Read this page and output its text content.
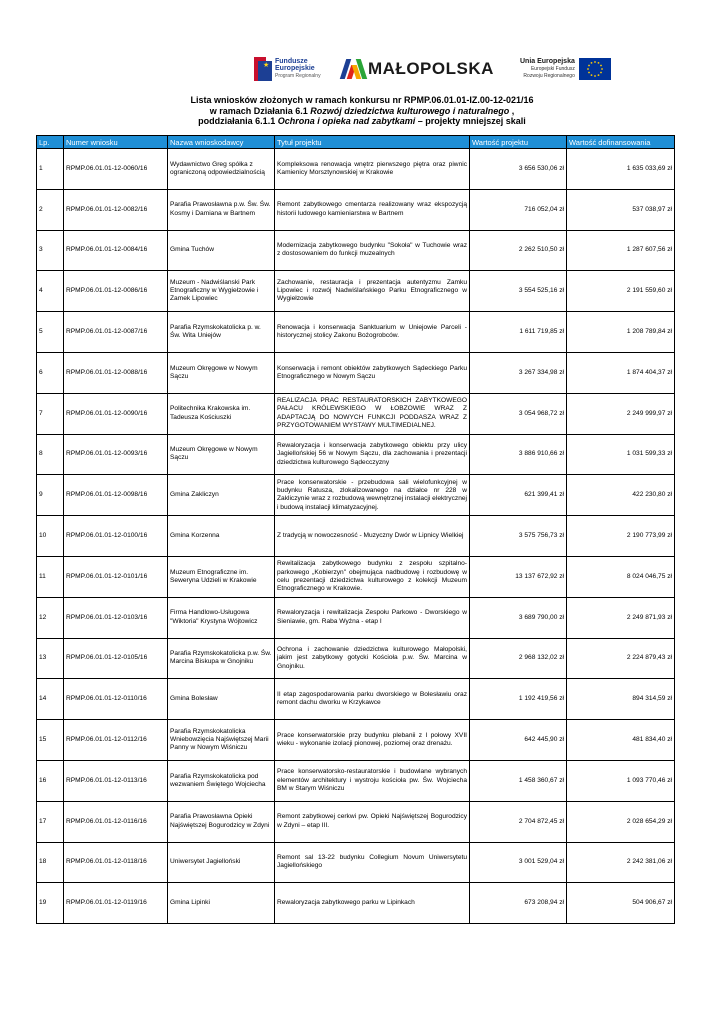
★
Fundusze
Europejskie
Program Regionalny	MAŁOPOLSKA	Unia Europejska
Europejski Fundusz
Rozwoju Regionalnego
Lista wniosków złożonych w ramach konkursu nr RPMP.06.01.01-IZ.00-12-021/16
w ramach Działania 6.1 Rozwój dziedzictwa kulturowego i naturalnego ,
poddziałania 6.1.1 Ochrona i opieka nad zabytkami – projekty mniejszej skali
Lp.	Numer wniosku	Nazwa wnioskodawcy	Tytuł projektu	Wartość projektu	Wartość dofinansowania
1	RPMP.06.01.01-12-0060/16	Wydawnictwo Greg spółka z ograniczoną odpowiedzialnością	Kompleksowa renowacja wnętrz pierwszego piętra oraz piwnic Kamienicy Morsztynowskiej w Krakowie	3 656 530,06 zł	1 635 033,69 zł
2	RPMP.06.01.01-12-0082/16	Parafia Prawosławna p.w. Św. Św. Kosmy i Damiana w Bartnem	Remont zabytkowego cmentarza realizowany wraz ekspozycją historii ludowego kamieniarstwa w Bartnem	716 052,04 zł	537 038,97 zł
3	RPMP.06.01.01-12-0084/16	Gmina Tuchów	Modernizacja zabytkowego budynku "Sokoła" w Tuchowie wraz z dostosowaniem do funkcji muzealnych	2 262 510,50 zł	1 287 607,56 zł
4	RPMP.06.01.01-12-0086/16	Muzeum - Nadwiślanski Park Etnograficzny w Wygiełzowie i Zamek Lipowiec	Zachowanie, restauracja i prezentacja autentyzmu Zamku Lipowiec i rozwój Nadwiślańskiego Parku Etnograficznego w Wygiełzowie	3 554 525,16 zł	2 191 559,60 zł
5	RPMP.06.01.01-12-0087/16	Parafia Rzymskokatolicka p. w. Św. Wita Uniejów	Renowacja i konserwacja Sanktuarium w Uniejowie Parceli - historycznej stolicy Zakonu Bożogrobców.	1 611 719,85 zł	1 208 789,84 zł
6	RPMP.06.01.01-12-0088/16	Muzeum Okręgowe w Nowym Sączu	Konserwacja i remont obiektów zabytkowych Sądeckiego Parku Etnograficznego w Nowym Sączu	3 267 334,98 zł	1 874 404,37 zł
7	RPMP.06.01.01-12-0090/16	Politechnika Krakowska im. Tadeusza Kościuszki	REALIZACJA PRAC RESTAURATORSKICH ZABYTKOWEGO PAŁACU KRÓLEWSKIEGO W ŁOBZOWIE WRAZ Z ADAPTACJĄ DO NOWYCH FUNKCJI PODDASZA WRAZ Z PRZYGOTOWANIEM WYSTAWY MULTIMEDIALNEJ.	3 054 968,72 zł	2 249 999,97 zł
8	RPMP.06.01.01-12-0093/16	Muzeum Okręgowe w Nowym Sączu	Rewaloryzacja i konserwacja zabytkowego obiektu przy ulicy Jagiellońskiej 56 w Nowym Sączu, dla zachowania i prezentacji dziedzictwa kulturowego Sądecczyzny	3 886 910,66 zł	1 031 599,33 zł
9	RPMP.06.01.01-12-0098/16	Gmina Zakliczyn	Prace konserwatorskie - przebudowa sali wielofunkcyjnej w budynku Ratusza, zlokalizowanego na działce nr 228 w Zakliczynie wraz z rozbudową wewnętrznej instalacji elektrycznej i budową instalacji klimatyzacyjnej.	621 399,41 zł	422 230,80 zł
10	RPMP.06.01.01-12-0100/16	Gmina Korzenna	Z tradycją w nowoczesność - Muzyczny Dwór w Lipnicy Wielkiej	3 575 756,73 zł	2 190 773,99 zł
11	RPMP.06.01.01-12-0101/16	Muzeum Etnograficzne im. Seweryna Udzieli w Krakowie	Rewitalizacja zabytkowego budynku z zespołu szpitalno-parkowego „Kobierzyn" obejmująca nadbudowę i rozbudowę w celu prezentacji dziedzictwa kulturowego z kolekcji Muzeum Etnograficznego w Krakowie.	13 137 672,92 zł	8 024 046,75 zł
12	RPMP.06.01.01-12-0103/16	Firma Handlowo-Usługowa "Wiktoria" Krystyna Wójtowicz	Rewaloryzacja i rewitalizacja Zespołu Parkowo - Dworskiego w Sieniawie, gm. Raba Wyżna - etap I	3 689 790,00 zł	2 249 871,93 zł
13	RPMP.06.01.01-12-0105/16	Parafia Rzymskokatolicka p.w. Św. Marcina Biskupa w Gnojniku	Ochrona i zachowanie dziedzictwa kulturowego Małopolski, jakim jest zabytkowy gotycki Kościoła p.w. Św. Marcina w Gnojniku.	2 968 132,02 zł	2 224 879,43 zł
14	RPMP.06.01.01-12-0110/16	Gmina Bolesław	II etap zagospodarowania parku dworskiego w Bolesławiu oraz remont dachu dworku w Krzykawce	1 192 419,56 zł	894 314,59 zł
15	RPMP.06.01.01-12-0112/16	Parafia Rzymskokatolicka Wniebowzięcia Najświętszej Marii Panny w Nowym Wiśniczu	Prace konserwatorskie przy budynku plebanii z I połowy XVII wieku - wykonanie izolacji pionowej, poziomej oraz drenażu.	642 445,90 zł	481 834,40 zł
16	RPMP.06.01.01-12-0113/16	Parafia Rzymskokatolicka pod wezwaniem Świętego Wojciecha	Prace konserwatorsko-restauratorskie i budowlane wybranych elementów architektury i wystroju kościoła pw. Św. Wojciecha BM w Starym Wiśniczu	1 458 360,67 zł	1 093 770,46 zł
17	RPMP.06.01.01-12-0116/16	Parafia Prawosławna Opieki Najświętszej Bogurodzicy w Zdyni	Remont zabytkowej cerkwi pw. Opieki Najświętszej Bogurodzicy w Zdyni – etap III.	2 704 872,45 zł	2 028 654,29 zł
18	RPMP.06.01.01-12-0118/16	Uniwersytet Jagielloński	Remont sal 13-22 budynku Collegium Novum Uniwersytetu Jagiellońskiego	3 001 529,04 zł	2 242 381,06 zł
19	RPMP.06.01.01-12-0119/16	Gmina Lipinki	Rewaloryzacja zabytkowego parku w Lipinkach	673 208,94 zł	504 906,67 zł
